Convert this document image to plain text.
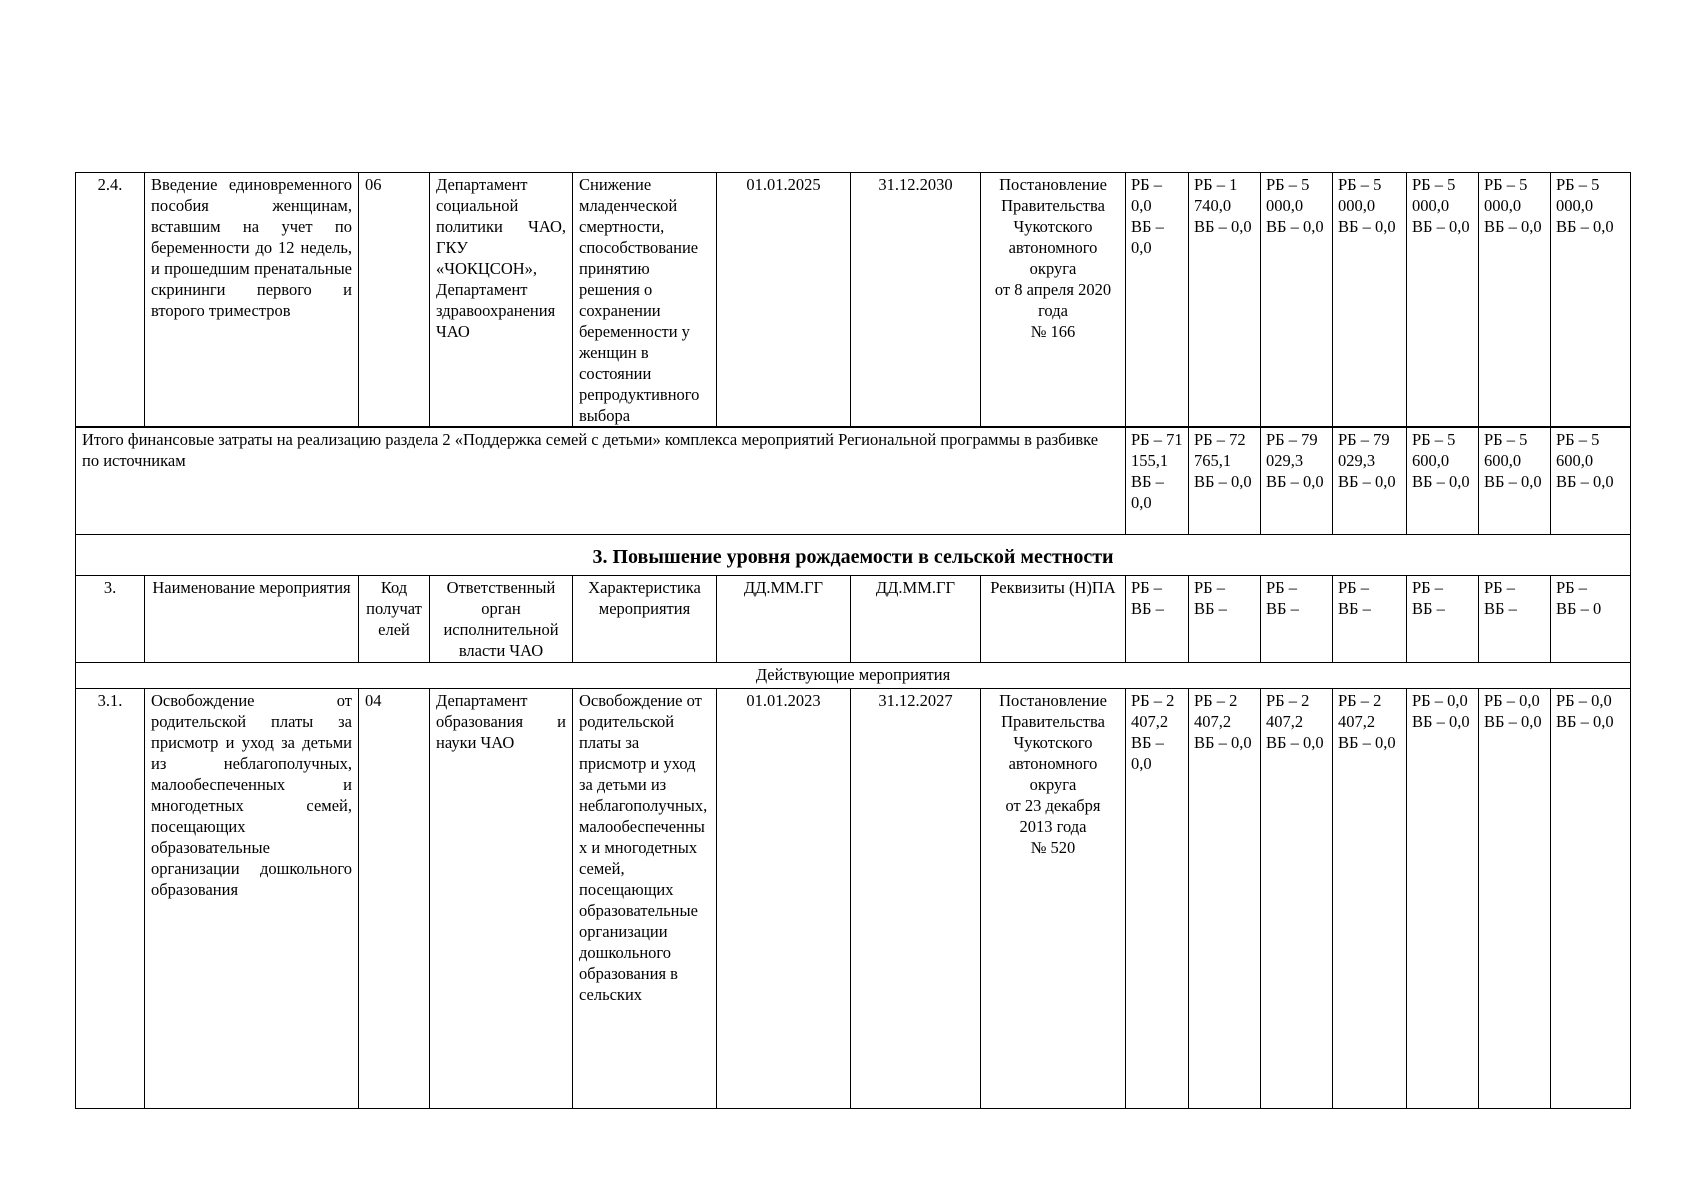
2.4.	Введение единовременного пособия женщинам, вставшим на учет по беременности до 12 недель, и прошедшим пренатальные скрининги первого и второго триместров	06	Департамент социальной политики ЧАО, ГКУ «ЧОКЦСОН», Департамент здравоохранения ЧАО	Снижение младенческой смертности, способствование принятию решения о сохранении беременности у женщин в состоянии репродуктивного выбора	01.01.2025	31.12.2030	Постановление Правительства Чукотского автономного округа
от 8 апреля 2020 года
№ 166	РБ – 0,0
ВБ – 0,0	РБ – 1 740,0
ВБ – 0,0	РБ – 5 000,0
ВБ – 0,0	РБ – 5 000,0
ВБ – 0,0	РБ – 5 000,0
ВБ – 0,0	РБ – 5 000,0
ВБ – 0,0	РБ – 5 000,0
ВБ – 0,0
Итого финансовые затраты на реализацию раздела 2 «Поддержка семей с детьми» комплекса мероприятий Региональной программы в разбивке по источникам								РБ – 71 155,1
ВБ – 0,0	РБ – 72 765,1
ВБ – 0,0	РБ – 79 029,3
ВБ – 0,0	РБ – 79 029,3
ВБ – 0,0	РБ – 5 600,0
ВБ – 0,0	РБ – 5 600,0
ВБ – 0,0	РБ – 5 600,0
ВБ – 0,0
3. Повышение уровня рождаемости в сельской местности														
3.	Наименование мероприятия	Код получателей	Ответственный орган исполнительной власти ЧАО	Характеристика мероприятия	ДД.ММ.ГГ	ДД.ММ.ГГ	Реквизиты (Н)ПА	РБ –
ВБ –	РБ –
ВБ –	РБ –
ВБ –	РБ –
ВБ –	РБ –
ВБ –	РБ –
ВБ –	РБ –
ВБ – 0
Действующие мероприятия														
3.1.	Освобождение от родительской платы за присмотр и уход за детьми из неблагополучных, малообеспеченных и многодетных семей, посещающих образовательные организации дошкольного образования	04	Департамент образования и науки ЧАО	Освобождение от родительской платы за присмотр и уход за детьми из неблагополучных, малообеспеченных и многодетных семей, посещающих образовательные организации дошкольного образования в сельских	01.01.2023	31.12.2027	Постановление Правительства Чукотского автономного округа
от 23 декабря 2013 года
№ 520	РБ – 2 407,2
ВБ – 0,0	РБ – 2 407,2
ВБ – 0,0	РБ – 2 407,2
ВБ – 0,0	РБ – 2 407,2
ВБ – 0,0	РБ – 0,0
ВБ – 0,0	РБ – 0,0
ВБ – 0,0	РБ – 0,0
ВБ – 0,0
